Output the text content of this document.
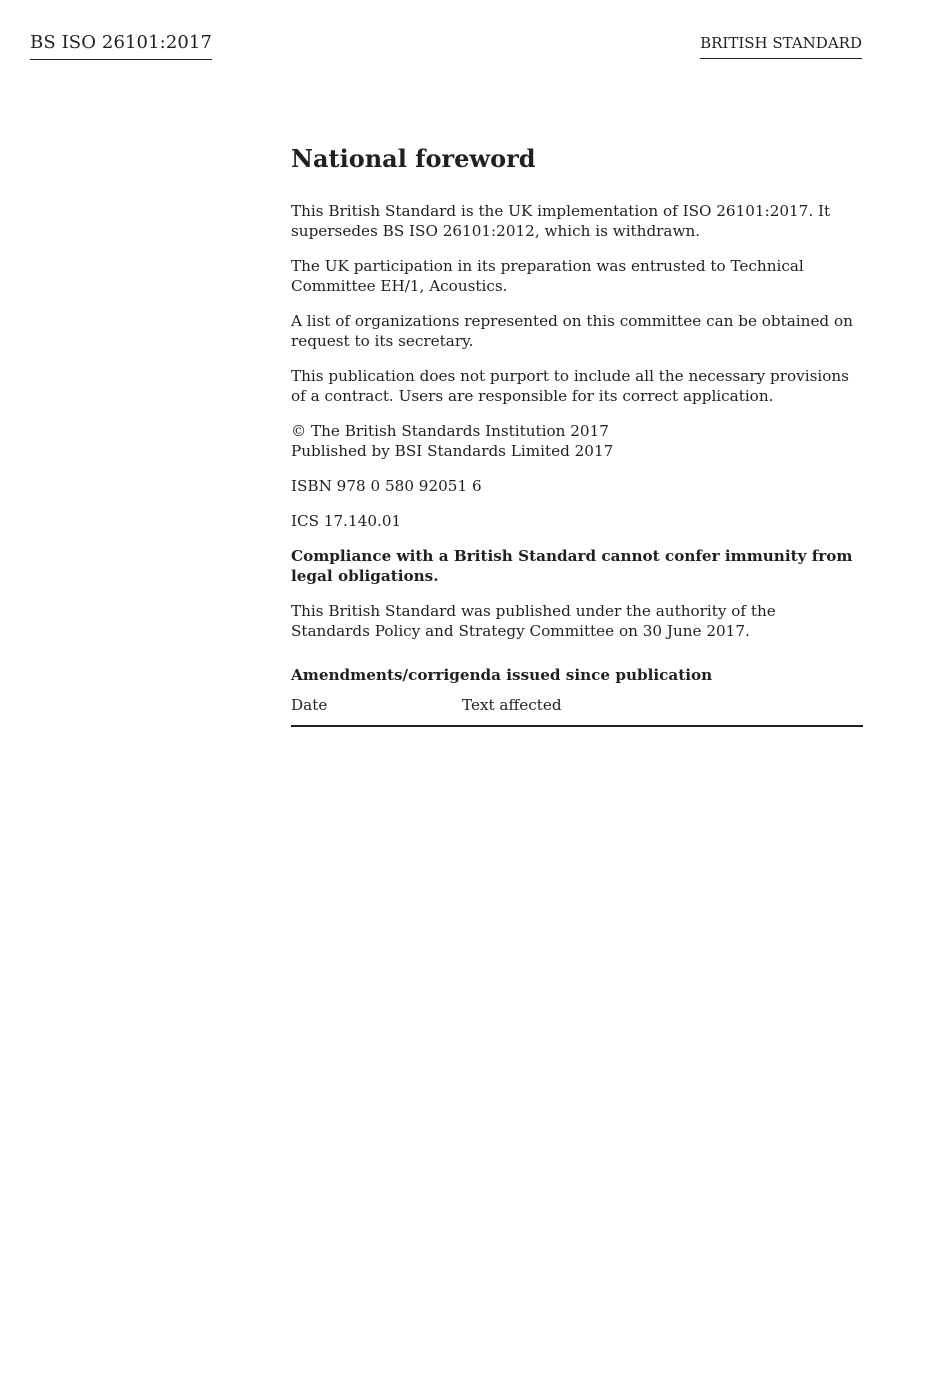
BS ISO 26101:2017	BRITISH STANDARD
National foreword

This British Standard is the UK implementation of ISO 26101:2017. It
supersedes BS ISO 26101:2012, which is withdrawn.

The UK participation in its preparation was entrusted to Technical
Committee EH/1, Acoustics.

A list of organizations represented on this committee can be obtained on
request to its secretary.

This publication does not purport to include all the necessary provisions
of a contract. Users are responsible for its correct application.

© The British Standards Institution 2017
Published by BSI Standards Limited 2017

ISBN 978 0 580 92051 6

ICS 17.140.01

Compliance with a British Standard cannot confer immunity from
legal obligations.

This British Standard was published under the authority of the
Standards Policy and Strategy Committee on 30 June 2017.

Amendments/corrigenda issued since publication
Date	Text affected
